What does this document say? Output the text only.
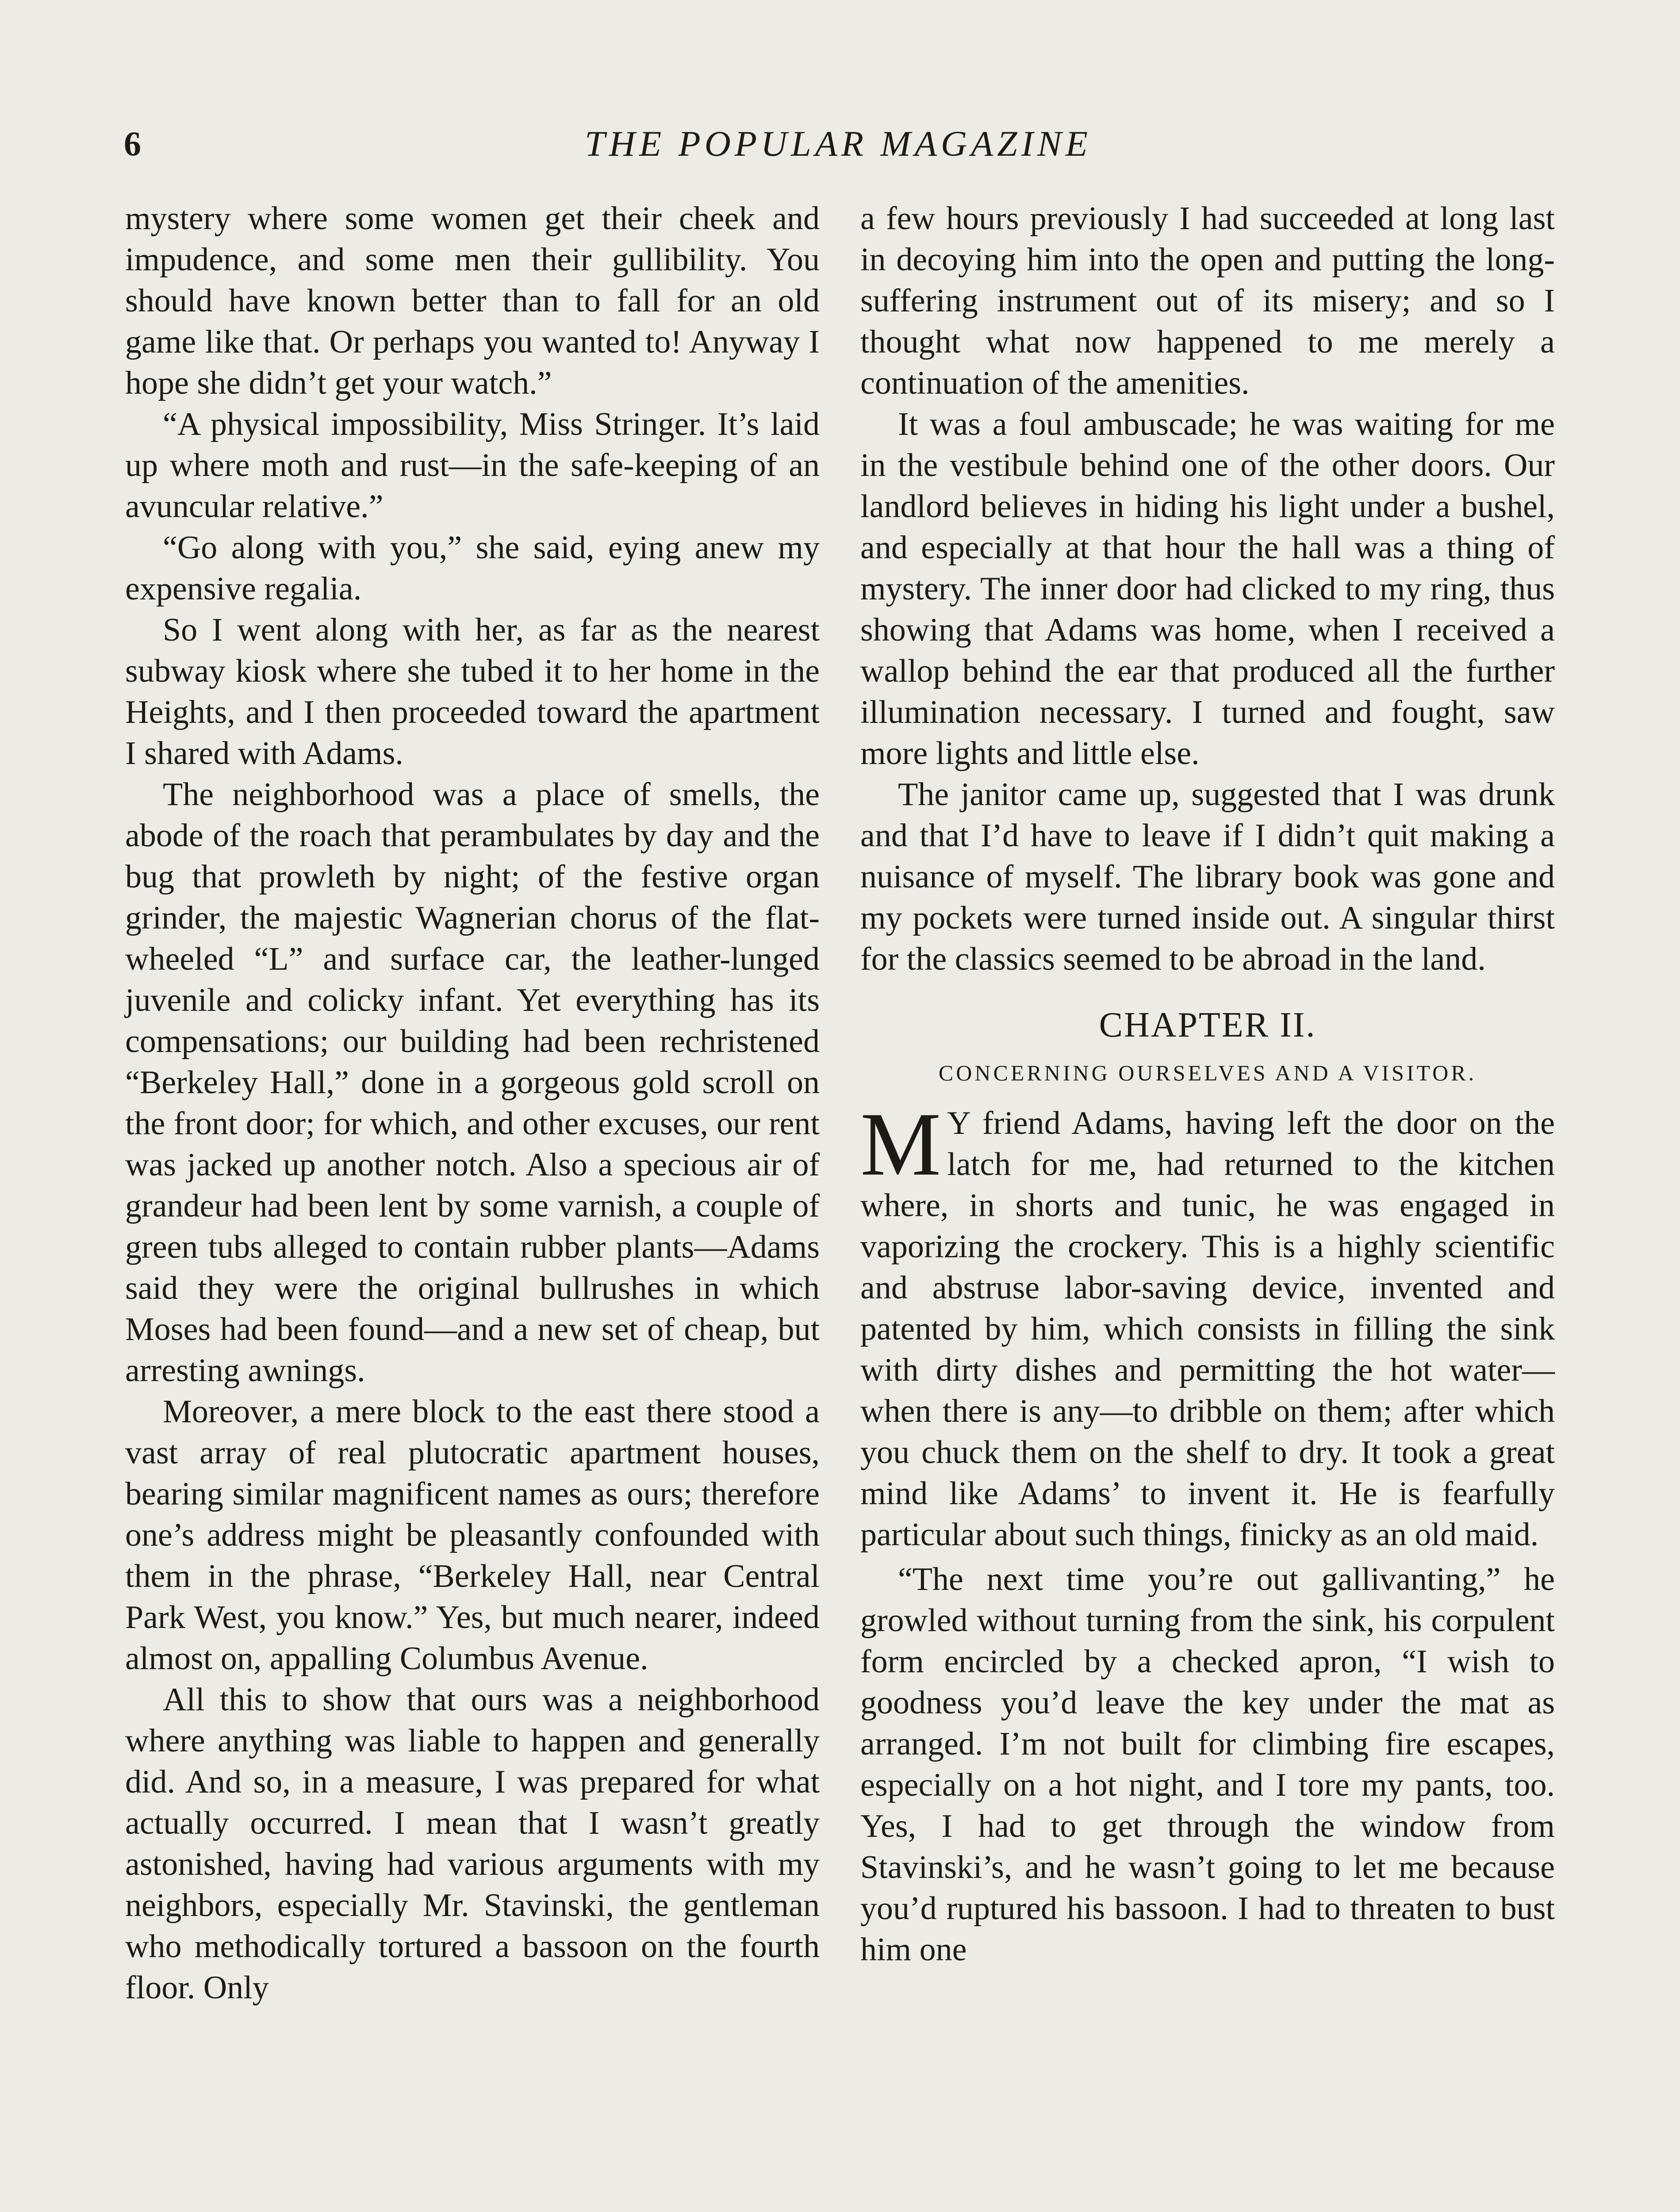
6	THE POPULAR MAGAZINE

mystery where some women get their cheek and impudence, and some men their gullibility. You should have known better than to fall for an old game like that. Or perhaps you wanted to! Anyway I hope she didn’t get your watch.”

“A physical impossibility, Miss Stringer. It’s laid up where moth and rust—in the safe-keeping of an avuncular relative.”

“Go along with you,” she said, eying anew my expensive regalia.

So I went along with her, as far as the nearest subway kiosk where she tubed it to her home in the Heights, and I then proceeded toward the apartment I shared with Adams.

The neighborhood was a place of smells, the abode of the roach that perambulates by day and the bug that prowleth by night; of the festive organ grinder, the majestic Wagnerian chorus of the flat-wheeled “L” and surface car, the leather-lunged juvenile and colicky infant. Yet everything has its compensations; our building had been rechristened “Berkeley Hall,” done in a gorgeous gold scroll on the front door; for which, and other excuses, our rent was jacked up another notch. Also a specious air of grandeur had been lent by some varnish, a couple of green tubs alleged to contain rubber plants—Adams said they were the original bullrushes in which Moses had been found—and a new set of cheap, but arresting awnings.

Moreover, a mere block to the east there stood a vast array of real plutocratic apartment houses, bearing similar magnificent names as ours; therefore one’s address might be pleasantly confounded with them in the phrase, “Berkeley Hall, near Central Park West, you know.” Yes, but much nearer, indeed almost on, appalling Columbus Avenue.

All this to show that ours was a neighborhood where anything was liable to happen and generally did. And so, in a measure, I was prepared for what actually occurred. I mean that I wasn’t greatly astonished, having had various arguments with my neighbors, especially Mr. Stavinski, the gentleman who methodically tortured a bassoon on the fourth floor. Only

a few hours previously I had succeeded at long last in decoying him into the open and putting the long-suffering instrument out of its misery; and so I thought what now happened to me merely a continuation of the amenities.

It was a foul ambuscade; he was waiting for me in the vestibule behind one of the other doors. Our landlord believes in hiding his light under a bushel, and especially at that hour the hall was a thing of mystery. The inner door had clicked to my ring, thus showing that Adams was home, when I received a wallop behind the ear that produced all the further illumination necessary. I turned and fought, saw more lights and little else.

The janitor came up, suggested that I was drunk and that I’d have to leave if I didn’t quit making a nuisance of myself. The library book was gone and my pockets were turned inside out. A singular thirst for the classics seemed to be abroad in the land.

CHAPTER II.
CONCERNING OURSELVES AND A VISITOR.

M Y friend Adams, having left the door on the latch for me, had returned to the kitchen where, in shorts and tunic, he was engaged in vaporizing the crockery. This is a highly scientific and abstruse labor-saving device, invented and patented by him, which consists in filling the sink with dirty dishes and permitting the hot water—when there is any—to dribble on them; after which you chuck them on the shelf to dry. It took a great mind like Adams’ to invent it. He is fearfully particular about such things, finicky as an old maid.

“The next time you’re out gallivanting,” he growled without turning from the sink, his corpulent form encircled by a checked apron, “I wish to goodness you’d leave the key under the mat as arranged. I’m not built for climbing fire escapes, especially on a hot night, and I tore my pants, too. Yes, I had to get through the window from Stavinski’s, and he wasn’t going to let me because you’d ruptured his bassoon. I had to threaten to bust him one
